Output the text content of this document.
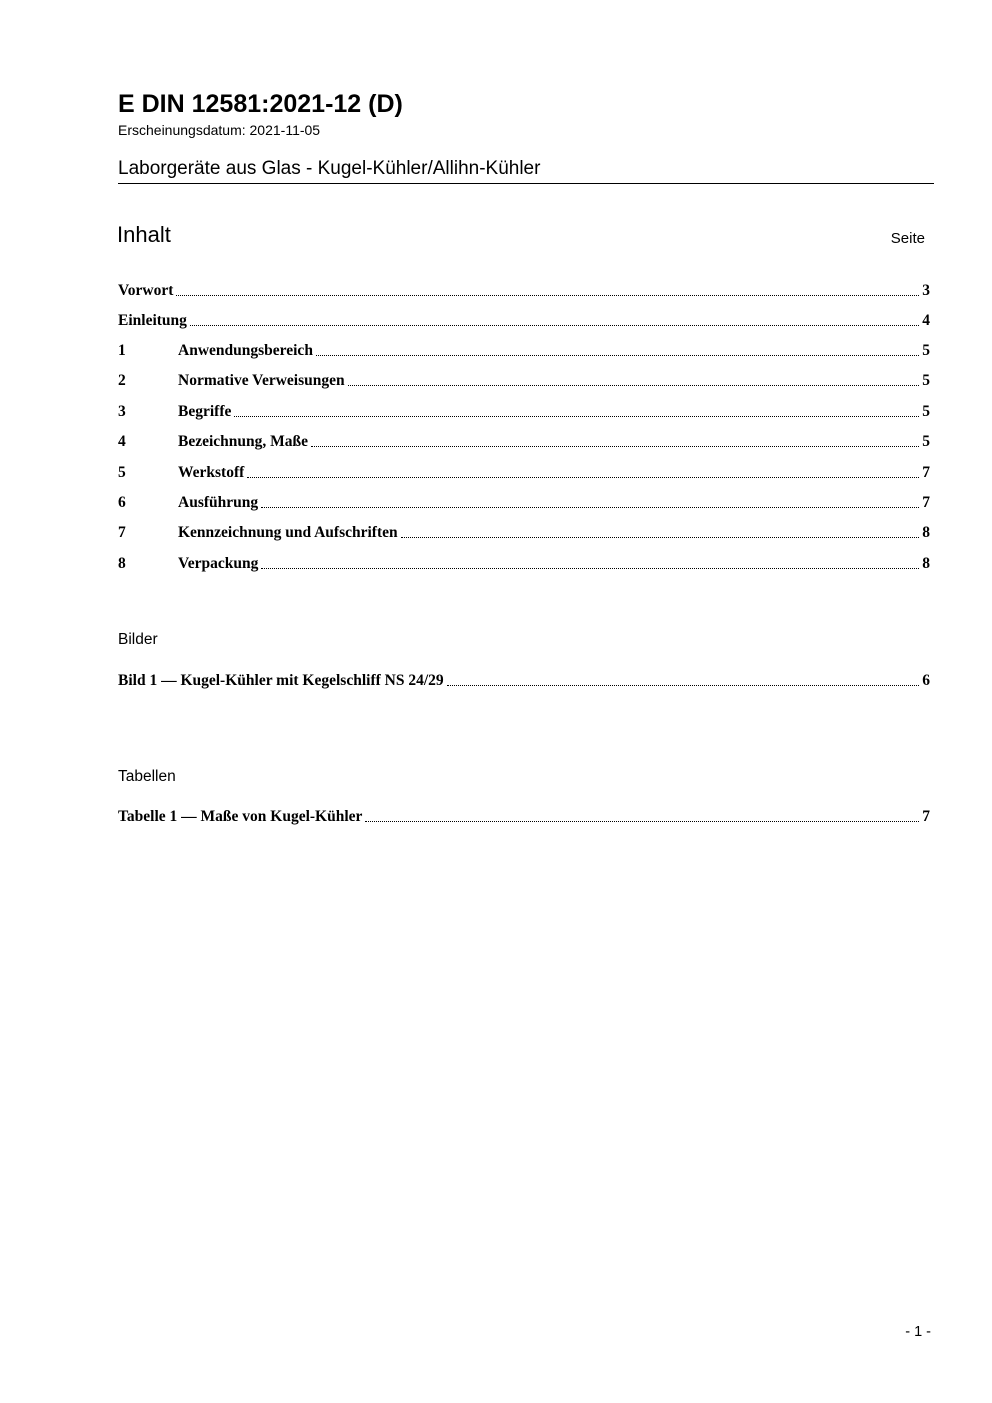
E DIN 12581:2021-12 (D)
Erscheinungsdatum: 2021-11-05
Laborgeräte aus Glas - Kugel-Kühler/Allihn-Kühler
Inhalt	Seite
Vorwort	3
Einleitung	4
1	Anwendungsbereich	5
2	Normative Verweisungen	5
3	Begriffe	5
4	Bezeichnung, Maße	5
5	Werkstoff	7
6	Ausführung	7
7	Kennzeichnung und Aufschriften	8
8	Verpackung	8
Bilder
Bild 1 — Kugel-Kühler mit Kegelschliff NS 24/29	6
Tabellen
Tabelle 1 — Maße von Kugel-Kühler	7
- 1 -
